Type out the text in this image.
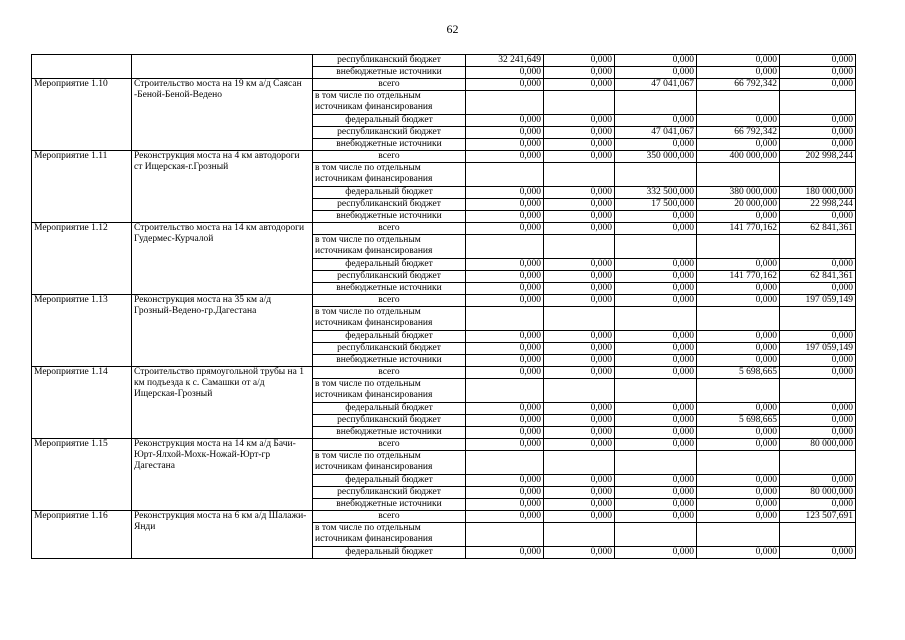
62
		республиканский бюджет	32 241,649	0,000	0,000	0,000	0,000
		внебюджетные источники	0,000	0,000	0,000	0,000	0,000
Мероприятие 1.10	Строительство моста на 19 км а/д Саясан -Беной-Беной-Ведено	всего	0,000	0,000	47 041,067	66 792,342	0,000
		в том числе по отдельным источникам финансирования					
		федеральный бюджет	0,000	0,000	0,000	0,000	0,000
		республиканский бюджет	0,000	0,000	47 041,067	66 792,342	0,000
		внебюджетные источники	0,000	0,000	0,000	0,000	0,000
Мероприятие 1.11	Реконструкция моста на 4 км автодороги ст Ищерская-г.Грозный	всего	0,000	0,000	350 000,000	400 000,000	202 998,244
		в том числе по отдельным источникам финансирования					
		федеральный бюджет	0,000	0,000	332 500,000	380 000,000	180 000,000
		республиканский бюджет	0,000	0,000	17 500,000	20 000,000	22 998,244
		внебюджетные источники	0,000	0,000	0,000	0,000	0,000
Мероприятие 1.12	Строительство моста на 14 км автодороги Гудермес-Курчалой	всего	0,000	0,000	0,000	141 770,162	62 841,361
		в том числе по отдельным источникам финансирования					
		федеральный бюджет	0,000	0,000	0,000	0,000	0,000
		республиканский бюджет	0,000	0,000	0,000	141 770,162	62 841,361
		внебюджетные источники	0,000	0,000	0,000	0,000	0,000
Мероприятие 1.13	Реконструкция моста на 35 км а/д Грозный-Ведено-гр.Дагестана	всего	0,000	0,000	0,000	0,000	197 059,149
		в том числе по отдельным источникам финансирования					
		федеральный бюджет	0,000	0,000	0,000	0,000	0,000
		республиканский бюджет	0,000	0,000	0,000	0,000	197 059,149
		внебюджетные источники	0,000	0,000	0,000	0,000	0,000
Мероприятие 1.14	Строительство прямоугольной трубы на 1 км подъезда к с. Самашки от а/д Ищерская-Грозный	всего	0,000	0,000	0,000	5 698,665	0,000
		в том числе по отдельным источникам финансирования					
		федеральный бюджет	0,000	0,000	0,000	0,000	0,000
		республиканский бюджет	0,000	0,000	0,000	5 698,665	0,000
		внебюджетные источники	0,000	0,000	0,000	0,000	0,000
Мероприятие 1.15	Реконструкция моста на 14 км а/д Бачи-Юрт-Ялхой-Мохк-Ножай-Юрт-гр Дагестана	всего	0,000	0,000	0,000	0,000	80 000,000
		в том числе по отдельным источникам финансирования					
		федеральный бюджет	0,000	0,000	0,000	0,000	0,000
		республиканский бюджет	0,000	0,000	0,000	0,000	80 000,000
		внебюджетные источники	0,000	0,000	0,000	0,000	0,000
Мероприятие 1.16	Реконструкция моста на 6 км а/д Шалажи-Янди	всего	0,000	0,000	0,000	0,000	123 507,691
		в том числе по отдельным источникам финансирования					
		федеральный бюджет	0,000	0,000	0,000	0,000	0,000
